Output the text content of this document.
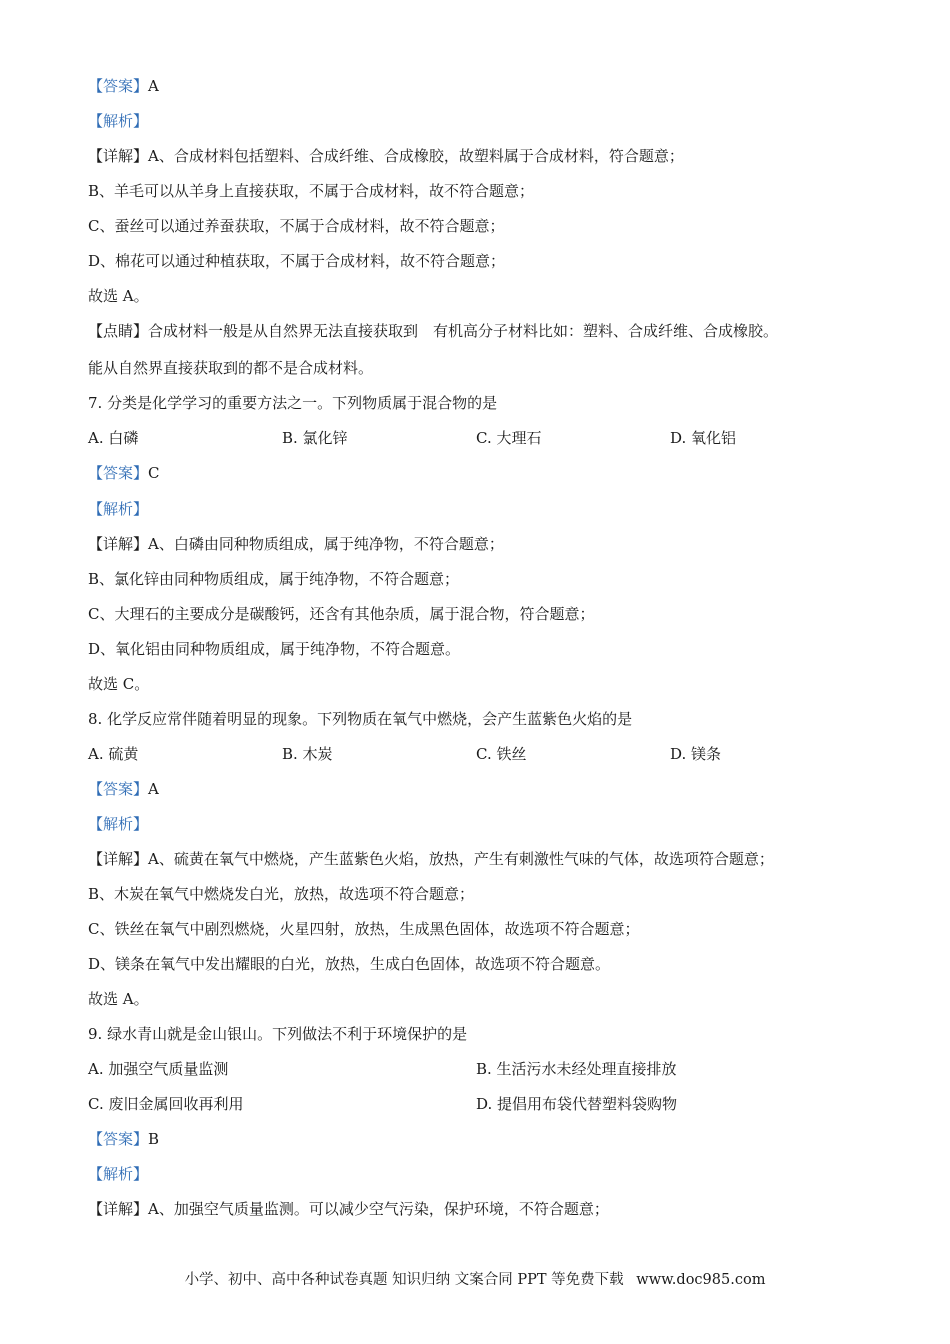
【答案】A
【解析】
【详解】A、合成材料包括塑料、合成纤维、合成橡胶，故塑料属于合成材料，符合题意；
B、羊毛可以从羊身上直接获取，不属于合成材料，故不符合题意；
C、蚕丝可以通过养蚕获取，不属于合成材料，故不符合题意；
D、棉花可以通过种植获取，不属于合成材料，故不符合题意；
故选 A。
【点睛】合成材料一般是从自然界无法直接获取到　有机高分子材料比如：塑料、合成纤维、合成橡胶。
能从自然界直接获取到的都不是合成材料。
7. 分类是化学学习的重要方法之一。下列物质属于混合物的是
A. 白磷	B. 氯化锌	C. 大理石	D. 氧化铝
【答案】C
【解析】
【详解】A、白磷由同种物质组成，属于纯净物，不符合题意；
B、氯化锌由同种物质组成，属于纯净物，不符合题意；
C、大理石的主要成分是碳酸钙，还含有其他杂质，属于混合物，符合题意；
D、氧化铝由同种物质组成，属于纯净物，不符合题意。
故选 C。
8. 化学反应常伴随着明显的现象。下列物质在氧气中燃烧，会产生蓝紫色火焰的是
A. 硫黄	B. 木炭	C. 铁丝	D. 镁条
【答案】A
【解析】
【详解】A、硫黄在氧气中燃烧，产生蓝紫色火焰，放热，产生有刺激性气味的气体，故选项符合题意；
B、木炭在氧气中燃烧发白光，放热，故选项不符合题意；
C、铁丝在氧气中剧烈燃烧，火星四射，放热，生成黑色固体，故选项不符合题意；
D、镁条在氧气中发出耀眼的白光，放热，生成白色固体，故选项不符合题意。
故选 A。
9. 绿水青山就是金山银山。下列做法不利于环境保护的是
A. 加强空气质量监测	B. 生活污水未经处理直接排放
C. 废旧金属回收再利用	D. 提倡用布袋代替塑料袋购物
【答案】B
【解析】
【详解】A、加强空气质量监测。可以减少空气污染，保护环境，不符合题意；
小学、初中、高中各种试卷真题 知识归纳 文案合同 PPT 等免费下载 www.doc985.com
